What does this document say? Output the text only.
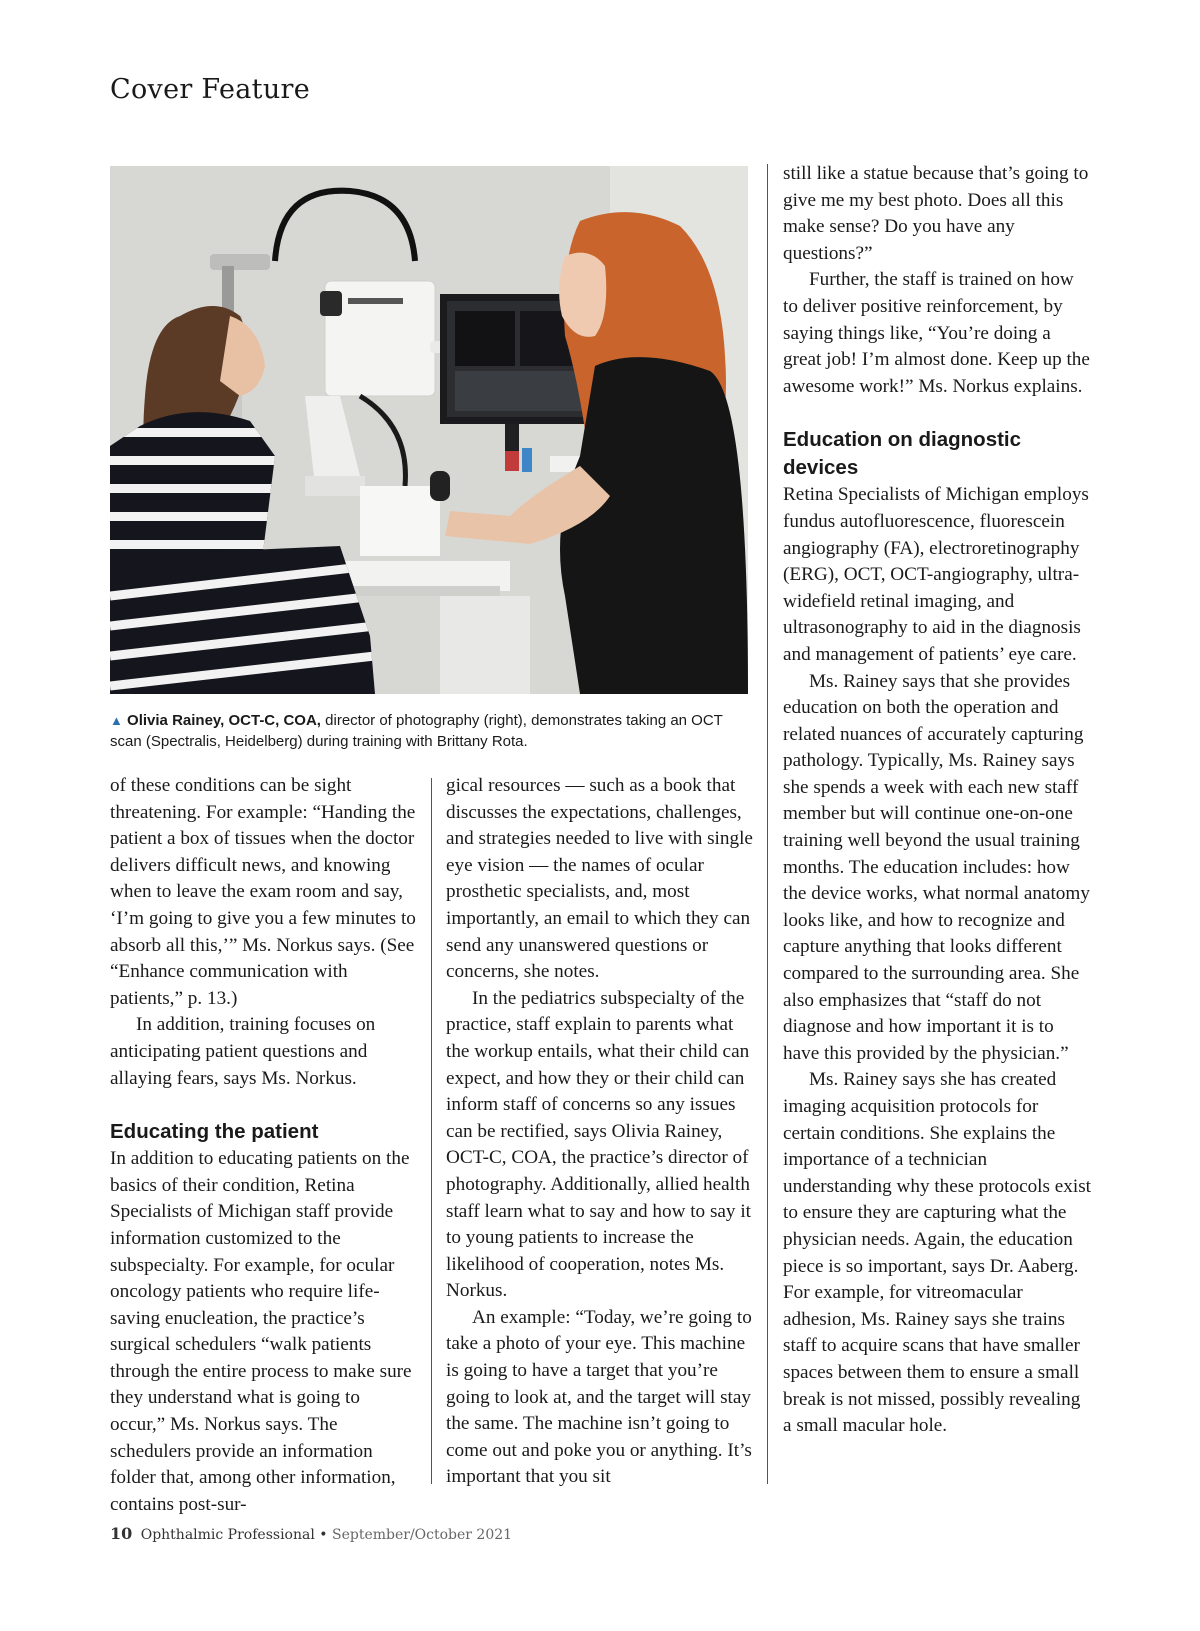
Cover Feature
▲ Olivia Rainey, OCT-C, COA, director of photography (right), demonstrates taking an OCT scan (Spectralis, Heidelberg) during training with Brittany Rota.

of these conditions can be sight threatening. For example: “Handing the patient a box of tissues when the doctor delivers difficult news, and knowing when to leave the exam room and say, ‘I’m going to give you a few minutes to absorb all this,’” Ms. Norkus says. (See “Enhance communication with patients,” p. 13.)

In addition, training focuses on anticipating patient questions and allaying fears, says Ms. Norkus.

Educating the patient

In addition to educating patients on the basics of their condition, Retina Specialists of Michigan staff provide information customized to the subspecialty. For example, for ocular oncology patients who require life-saving enucleation, the practice’s surgical schedulers “walk patients through the entire process to make sure they understand what is going to occur,” Ms. Norkus says. The schedulers provide an information folder that, among other information, contains post-sur-

gical resources — such as a book that discusses the expectations, challenges, and strategies needed to live with single eye vision — the names of ocular prosthetic specialists, and, most importantly, an email to which they can send any unanswered questions or concerns, she notes.

In the pediatrics subspecialty of the practice, staff explain to parents what the workup entails, what their child can expect, and how they or their child can inform staff of concerns so any issues can be rectified, says Olivia Rainey, OCT-C, COA, the practice’s director of photography. Additionally, allied health staff learn what to say and how to say it to young patients to increase the likelihood of cooperation, notes Ms. Norkus.

An example: “Today, we’re going to take a photo of your eye. This machine is going to have a target that you’re going to look at, and the target will stay the same. The machine isn’t going to come out and poke you or anything. It’s important that you sit

still like a statue because that’s going to give me my best photo. Does all this make sense? Do you have any questions?”

Further, the staff is trained on how to deliver positive reinforcement, by saying things like, “You’re doing a great job! I’m almost done. Keep up the awesome work!” Ms. Norkus explains.

Education on diagnostic devices

Retina Specialists of Michigan employs fundus autofluorescence, fluorescein angiography (FA), electroretinography (ERG), OCT, OCT-angiography, ultra-widefield retinal imaging, and ultrasonography to aid in the diagnosis and management of patients’ eye care.

Ms. Rainey says that she provides education on both the operation and related nuances of accurately capturing pathology. Typically, Ms. Rainey says she spends a week with each new staff member but will continue one-on-one training well beyond the usual training months. The education includes: how the device works, what normal anatomy looks like, and how to recognize and capture anything that looks different compared to the surrounding area. She also emphasizes that “staff do not diagnose and how important it is to have this provided by the physician.”

Ms. Rainey says she has created imaging acquisition protocols for certain conditions. She explains the importance of a technician understanding why these protocols exist to ensure they are capturing what the physician needs. Again, the education piece is so important, says Dr. Aaberg. For example, for vitreomacular adhesion, Ms. Rainey says she trains staff to acquire scans that have smaller spaces between them to ensure a small break is not missed, possibly revealing a small macular hole.

10 Ophthalmic Professional • September/October 2021
